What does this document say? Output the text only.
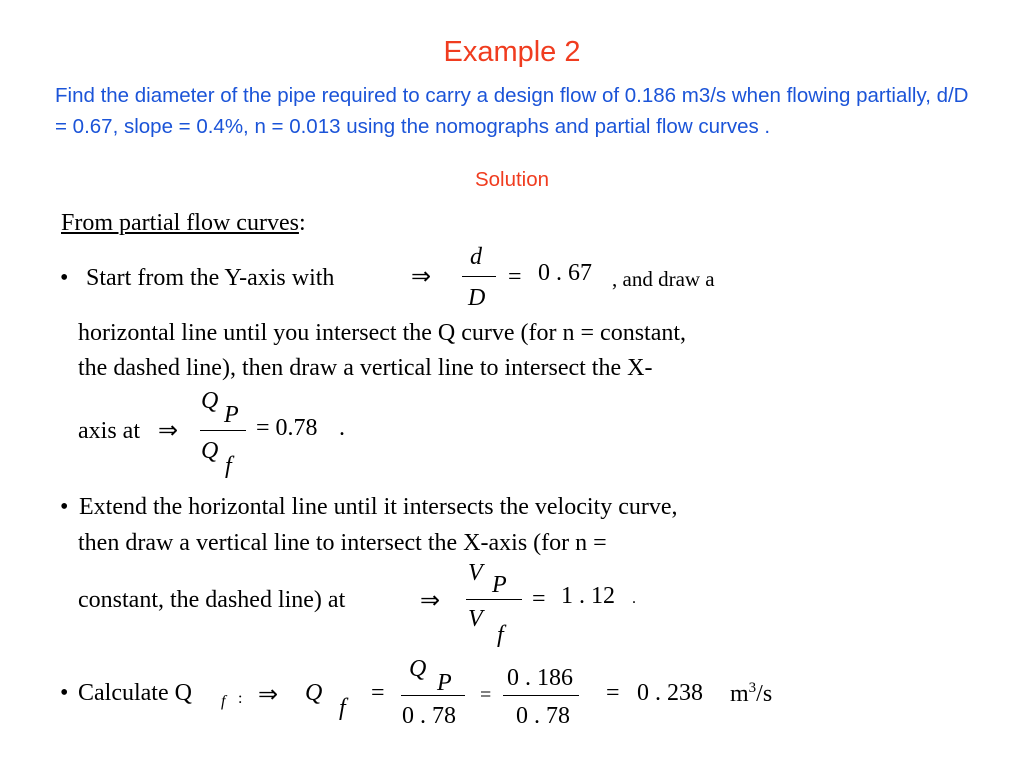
Example 2
Find the diameter of the pipe required to carry a design flow of 0.186 m3/s when flowing partially, d/D = 0.67, slope = 0.4%, n = 0.013 using the nomographs and partial flow curves .
Solution
From partial flow curves:
• Start from the Y-axis with	⇒
d
D
= 0 . 67 , and draw a
horizontal line until you intersect the Q curve (for n = constant,
the dashed line), then draw a vertical line to intersect the X-
axis at ⇒
Q
P
Q
f
= 0.78 .
• Extend the horizontal line until it intersects the velocity curve,
then draw a vertical line to intersect the X-axis (for n =
constant, the dashed line) at	⇒
V P
V
f
= 1 . 12 .
• Calculate Q f : ⇒ Q
f
=
Q
P
0 . 78
=
0 . 186
0 . 78
= 0 . 238 $m^3/s$
